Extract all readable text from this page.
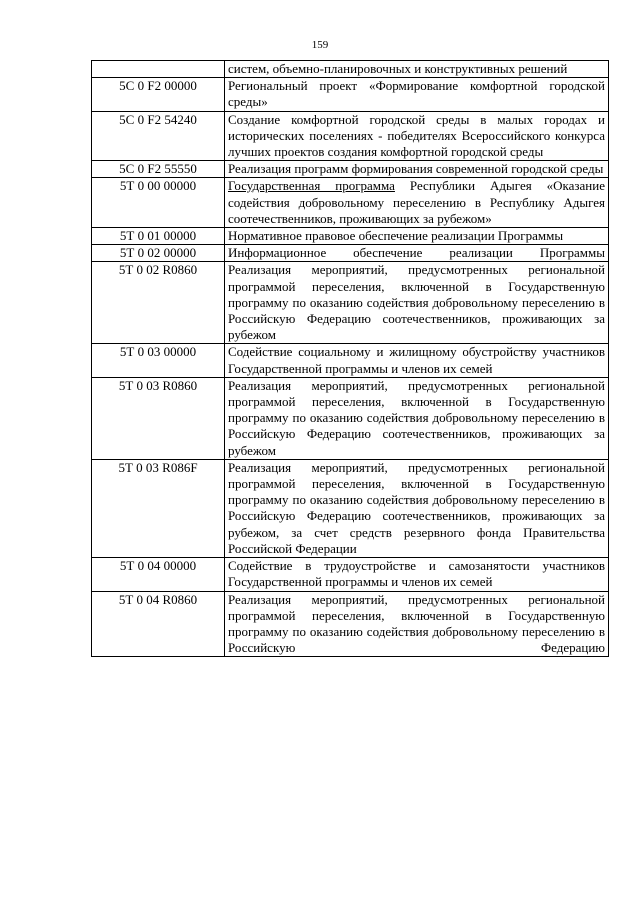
159
	систем, объемно-планировочных и конструктивных решений
5С 0 F2 00000	Региональный проект «Формирование комфортной городской среды»
5С 0 F2 54240	Создание комфортной городской среды в малых городах и исторических поселениях - победителях Всероссийского конкурса лучших проектов создания комфортной городской среды
5С 0 F2 55550	Реализация программ формирования современной городской среды
5Т 0 00 00000	Государственная программа Республики Адыгея «Оказание содействия добровольному переселению в Республику Адыгея соотечественников, проживающих за рубежом»
5Т 0 01 00000	Нормативное правовое обеспечение реализации Программы
5Т 0 02 00000	Информационное обеспечение реализации Программы
5Т 0 02 R0860	Реализация мероприятий, предусмотренных региональной программой переселения, включенной в Государственную программу по оказанию содействия добровольному переселению в Российскую Федерацию соотечественников, проживающих за рубежом
5Т 0 03 00000	Содействие социальному и жилищному обустройству участников Государственной программы и членов их семей
5Т 0 03 R0860	Реализация мероприятий, предусмотренных региональной программой переселения, включенной в Государственную программу по оказанию содействия добровольному переселению в Российскую Федерацию соотечественников, проживающих за рубежом
5Т 0 03 R086F	Реализация мероприятий, предусмотренных региональной программой переселения, включенной в Государственную программу по оказанию содействия добровольному переселению в Российскую Федерацию соотечественников, проживающих за рубежом, за счет средств резервного фонда Правительства Российской Федерации
5Т 0 04 00000	Содействие в трудоустройстве и самозанятости участников Государственной программы и членов их семей
5Т 0 04 R0860	Реализация мероприятий, предусмотренных региональной программой переселения, включенной в Государственную программу по оказанию содействия добровольному переселению в Российскую Федерацию
